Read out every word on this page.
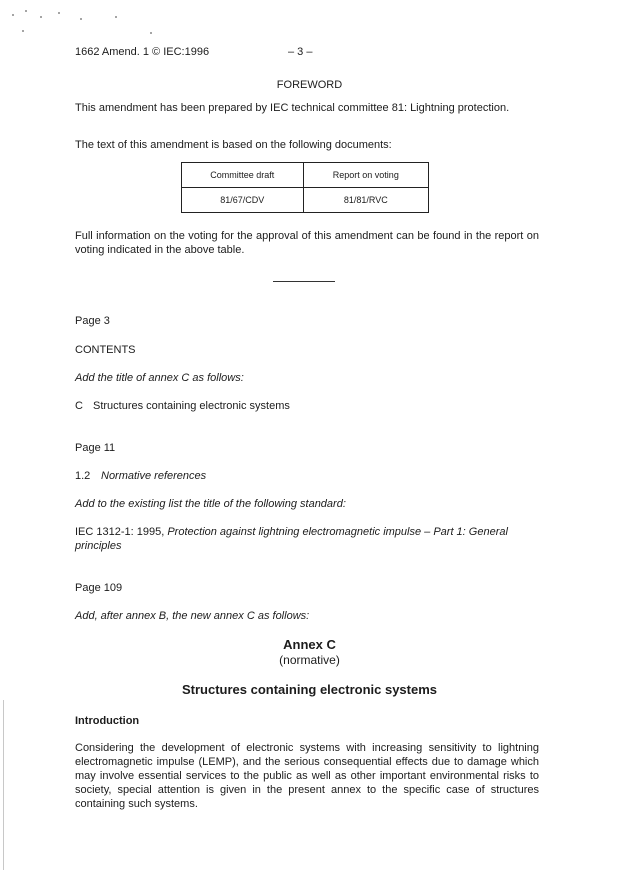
1662 Amend. 1 © IEC:1996	– 3 –
FOREWORD
This amendment has been prepared by IEC technical committee 81: Lightning protection.
The text of this amendment is based on the following documents:
Committee draft	Report on voting
81/67/CDV	81/81/RVC
Full information on the voting for the approval of this amendment can be found in the report on voting indicated in the above table.
Page 3
CONTENTS
Add the title of annex C as follows:
C Structures containing electronic systems
Page 11
1.2 Normative references
Add to the existing list the title of the following standard:
IEC 1312-1: 1995, Protection against lightning electromagnetic impulse – Part 1: General principles
Page 109
Add, after annex B, the new annex C as follows:
Annex C
(normative)
Structures containing electronic systems
Introduction
Considering the development of electronic systems with increasing sensitivity to lightning electromagnetic impulse (LEMP), and the serious consequential effects due to damage which may involve essential services to the public as well as other important environmental risks to society, special attention is given in the present annex to the specific case of structures containing such systems.
